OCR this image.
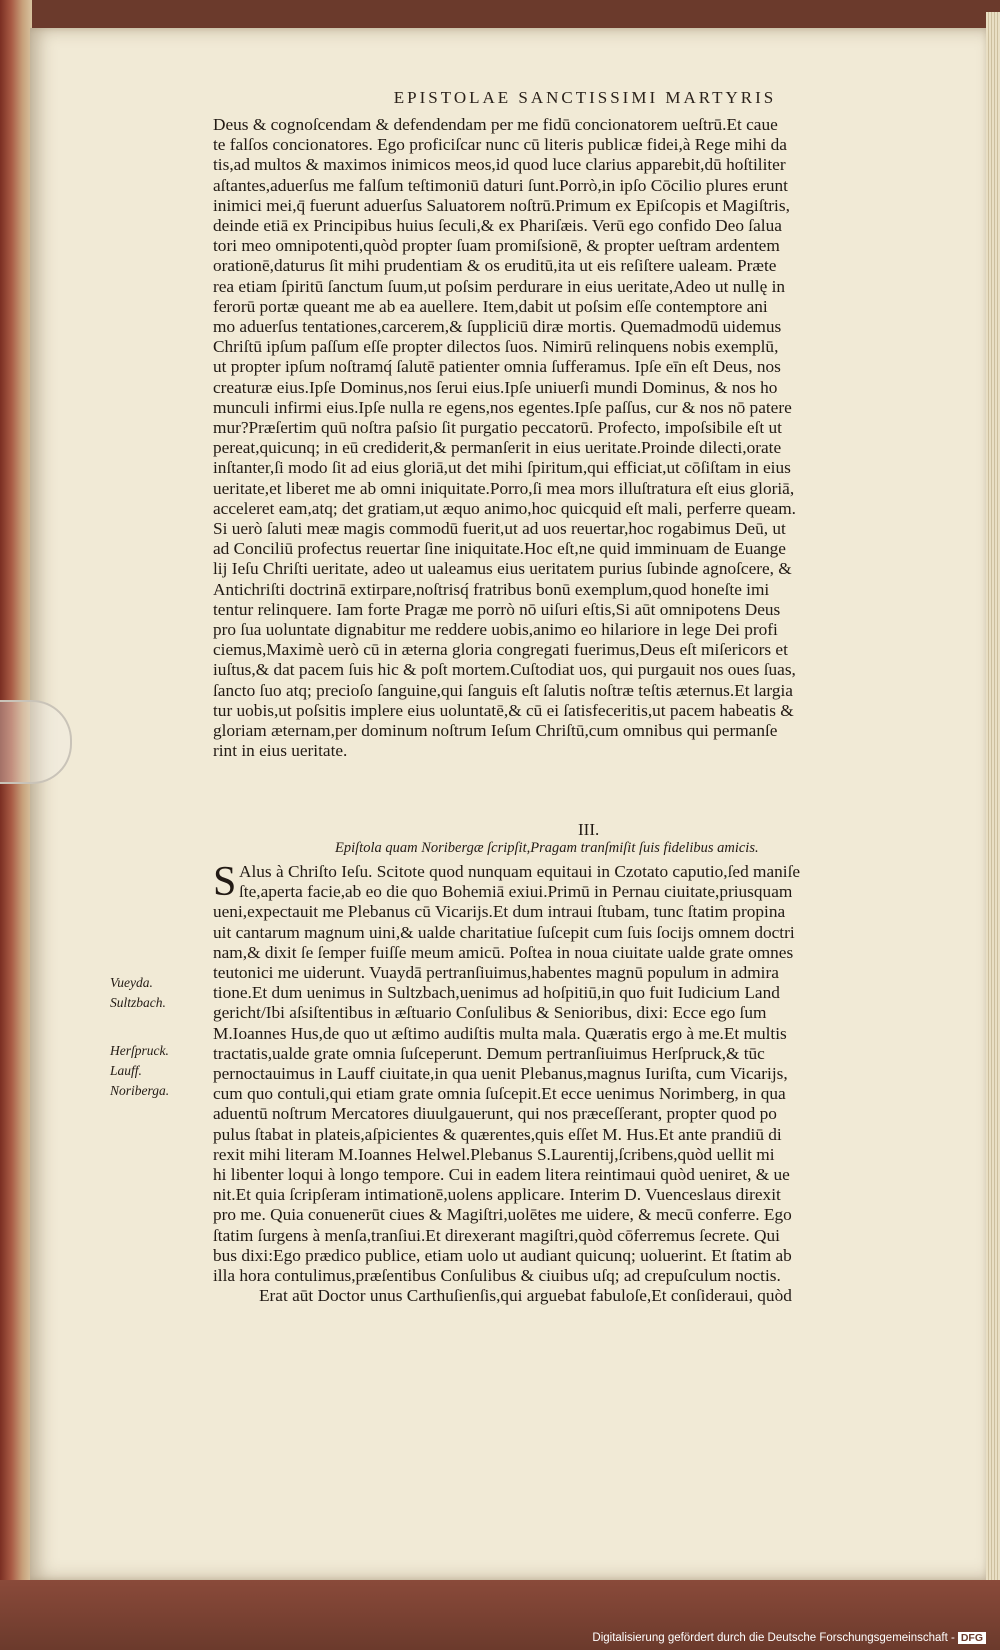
EPISTOLAE SANCTISSIMI MARTYRIS
Deus & cognoſcendam & defendendam per me fidū concionatorem ueſtrū.Et caue
te falſos concionatores. Ego proficiſcar nunc cū literis publicæ fidei,à Rege mihi da
tis,ad multos & maximos inimicos meos,id quod luce clarius apparebit,dū hoſtiliter
aſtantes,aduerſus me falſum teſtimoniū daturi ſunt.Porrò,in ipſo Cōcilio plures erunt
inimici mei,q̄ fuerunt aduerſus Saluatorem noſtrū.Primum ex Epiſcopis et Magiſtris,
deinde etiā ex Principibus huius ſeculi,& ex Phariſæis. Verū ego confido Deo ſalua
tori meo omnipotenti,quòd propter ſuam promiſsionē, & propter ueſtram ardentem
orationē,daturus ſit mihi prudentiam & os eruditū,ita ut eis reſiſtere ualeam. Præte
rea etiam ſpiritū ſanctum ſuum,ut poſsim perdurare in eius ueritate,Adeo ut nullę in
ferorū portæ queant me ab ea auellere. Item,dabit ut poſsim eſſe contemptore ani
mo aduerſus tentationes,carcerem,& ſuppliciū diræ mortis. Quemadmodū uidemus
Chriſtū ipſum paſſum eſſe propter dilectos ſuos. Nimirū relinquens nobis exemplū,
ut propter ipſum noſtramq́ ſalutē patienter omnia ſufferamus. Ipſe eīn eſt Deus, nos
creaturæ eius.Ipſe Dominus,nos ſerui eius.Ipſe uniuerſi mundi Dominus, & nos ho
munculi infirmi eius.Ipſe nulla re egens,nos egentes.Ipſe paſſus, cur & nos nō patere
mur?Præſertim quū noſtra paſsio ſit purgatio peccatorū. Profecto, impoſsibile eſt ut
pereat,quicunq; in eū crediderit,& permanſerit in eius ueritate.Proinde dilecti,orate
inſtanter,ſi modo ſit ad eius gloriā,ut det mihi ſpiritum,qui efficiat,ut cōſiſtam in eius
ueritate,et liberet me ab omni iniquitate.Porro,ſi mea mors illuſtratura eſt eius gloriā,
acceleret eam,atq; det gratiam,ut æquo animo,hoc quicquid eſt mali, perferre queam.
Si uerò ſaluti meæ magis commodū fuerit,ut ad uos reuertar,hoc rogabimus Deū, ut
ad Conciliū profectus reuertar ſine iniquitate.Hoc eſt,ne quid imminuam de Euange
lij Ieſu Chriſti ueritate, adeo ut ualeamus eius ueritatem purius ſubinde agnoſcere, &
Antichriſti doctrinā extirpare,noſtrisq́ fratribus bonū exemplum,quod honeſte imi
tentur relinquere. Iam forte Pragæ me porrò nō uiſuri eſtis,Si aūt omnipotens Deus
pro ſua uoluntate dignabitur me reddere uobis,animo eo hilariore in lege Dei profi
ciemus,Maximè uerò cū in æterna gloria congregati fuerimus,Deus eſt miſericors et
iuſtus,& dat pacem ſuis hic & poſt mortem.Cuſtodiat uos, qui purgauit nos oues ſuas,
ſancto ſuo atq; precioſo ſanguine,qui ſanguis eſt ſalutis noſtræ teſtis æternus.Et largia
tur uobis,ut poſsitis implere eius uoluntatē,& cū ei ſatisfeceritis,ut pacem habeatis &
gloriam æternam,per dominum noſtrum Ieſum Chriſtū,cum omnibus qui permanſe
rint in eius ueritate.
III.
Epiſtola quam Noribergæ ſcripſit,Pragam tranſmiſit ſuis fidelibus amicis.
S Alus à Chriſto Ieſu. Scitote quod nunquam equitaui in Czotato caputio,ſed maniſe
ſte,aperta facie,ab eo die quo Bohemiā exiui.Primū in Pernau ciuitate,priusquam
ueni,expectauit me Plebanus cū Vicarijs.Et dum intraui ſtubam, tunc ſtatim propina
uit cantarum magnum uini,& ualde charitatiue ſuſcepit cum ſuis ſocijs omnem doctri
nam,& dixit ſe ſemper fuiſſe meum amicū. Poſtea in noua ciuitate ualde grate omnes
teutonici me uiderunt. Vuaydā pertranſiuimus,habentes magnū populum in admira
tione.Et dum uenimus in Sultzbach,uenimus ad hoſpitiū,in quo fuit Iudicium Land
gericht/Ibi aſsiſtentibus in æſtuario Conſulibus & Senioribus, dixi: Ecce ego ſum
M.Ioannes Hus,de quo ut æſtimo audiſtis multa mala. Quæratis ergo à me.Et multis
tractatis,ualde grate omnia ſuſceperunt. Demum pertranſiuimus Herſpruck,& tūc
pernoctauimus in Lauff ciuitate,in qua uenit Plebanus,magnus Iuriſta, cum Vicarijs,
cum quo contuli,qui etiam grate omnia ſuſcepit.Et ecce uenimus Norimberg, in qua
aduentū noſtrum Mercatores diuulgauerunt, qui nos præceſſerant, propter quod po
pulus ſtabat in plateis,aſpicientes & quærentes,quis eſſet M. Hus.Et ante prandiū di
rexit mihi literam M.Ioannes Helwel.Plebanus S.Laurentij,ſcribens,quòd uellit mi
hi libenter loqui à longo tempore. Cui in eadem litera reintimaui quòd ueniret, & ue
nit.Et quia ſcripſeram intimationē,uolens applicare. Interim D. Vuenceslaus direxit
pro me. Quia conuenerūt ciues & Magiſtri,uolētes me uidere, & mecū conferre. Ego
ſtatim ſurgens à menſa,tranſiui.Et direxerant magiſtri,quòd cōferremus ſecrete. Qui
bus dixi:Ego prædico publice, etiam uolo ut audiant quicunq; uoluerint. Et ſtatim ab
illa hora contulimus,præſentibus Conſulibus & ciuibus uſq; ad crepuſculum noctis.
Erat aūt Doctor unus Carthuſienſis,qui arguebat fabuloſe,Et conſideraui, quòd
Vueyda.
Sultzbach.
Herſpruck.
Lauff.
Noriberga.
Digitalisierung gefördert durch die Deutsche Forschungsgemeinschaft - DFG
